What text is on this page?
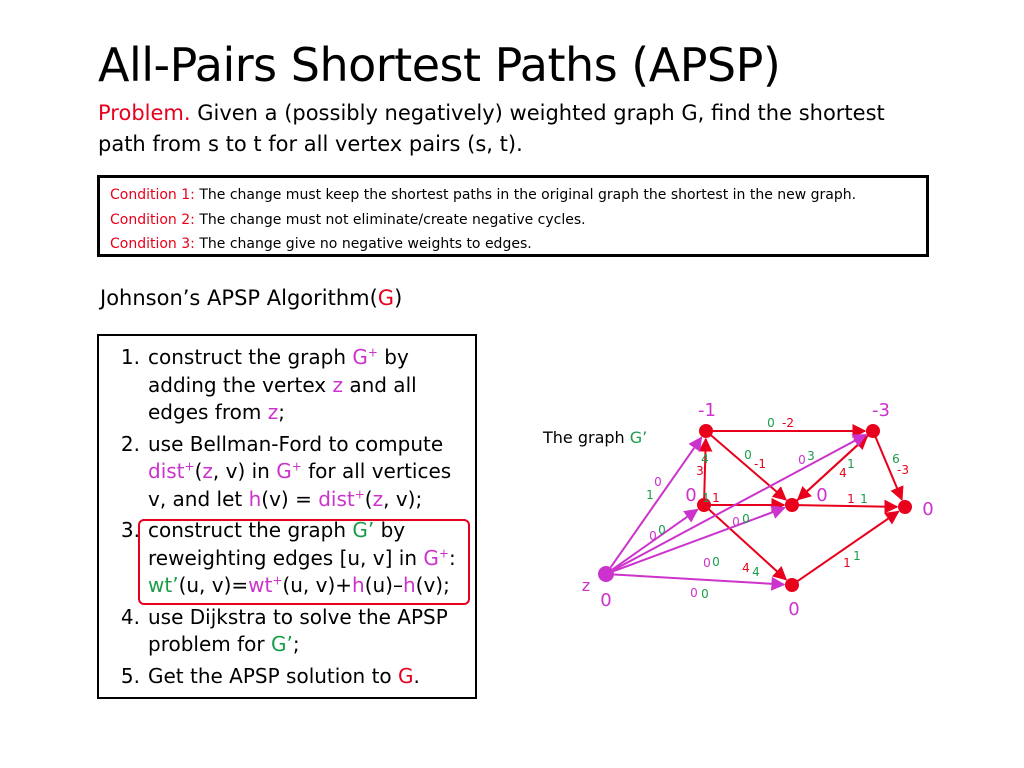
All-Pairs Shortest Paths (APSP)
Problem. Given a (possibly negatively) weighted graph G, find the shortest path from s to t for all vertex pairs (s, t).
Condition 1: The change must keep the shortest paths in the original graph the shortest in the new graph.
Condition 2: The change must not eliminate/create negative cycles.
Condition 3: The change give no negative weights to edges.
Johnson’s APSP Algorithm(G)
1. construct the graph G+ by adding the vertex z and all edges from z;
2. use Bellman-Ford to compute dist+(z, v) in G+ for all vertices v, and let h(v) = dist+(z, v);
3. construct the graph G’ by reweighting edges [u, v] in G+: wt’(u, v)=wt+(u, v)+h(u)–h(v);
4. use Dijkstra to solve the APSP problem for G’;
5. Get the APSP solution to G.
The graph G’
-1	-3
0	0
0
0
0
z
-2
0
3
4	-1
0	3
0	1
4
6
-3
1 1	1 1
4 4
1
1
0
1
0 0
0 0
0 0
0 0
